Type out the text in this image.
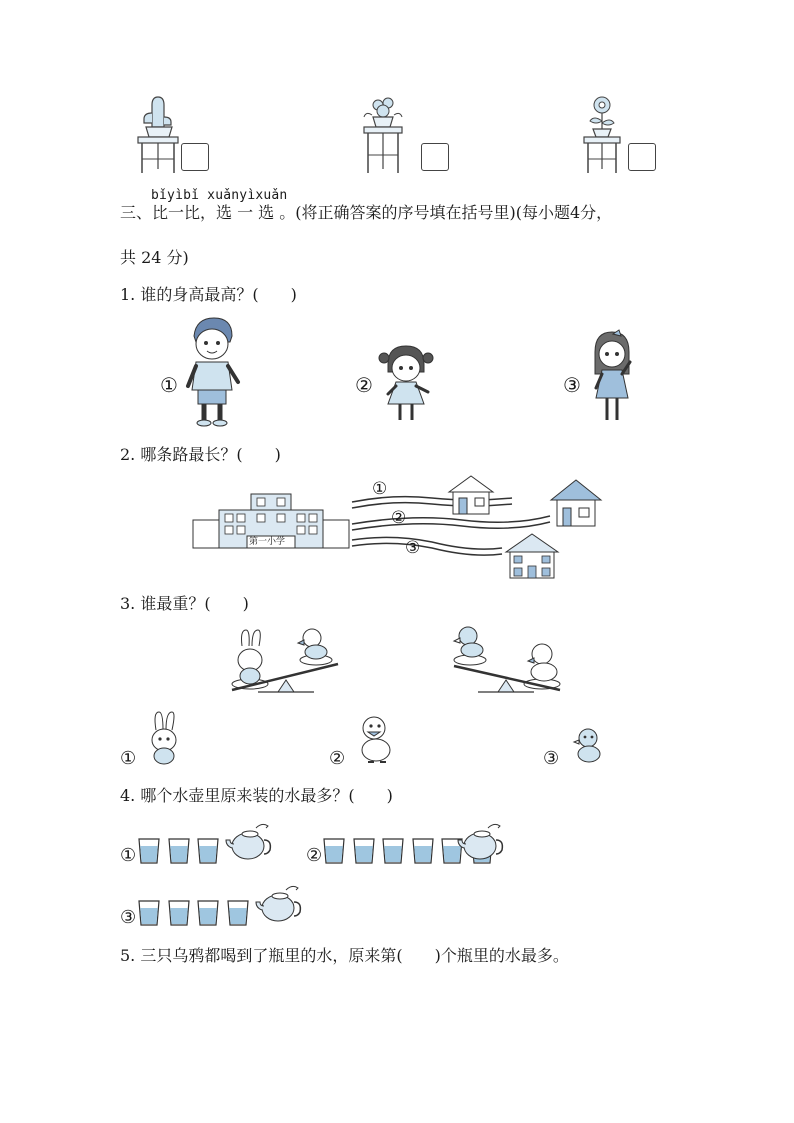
bǐyìbǐ xuǎnyìxuǎn
三、比一比，选 一 选 。(将正确答案的序号填在括号里)(每小题4分，
共 24 分)
1. 谁的身高最高？(　　)
①	②	③
2. 哪条路最长？(　　)
第一小学
①
②
③
3. 谁最重？(　　)
①	②	③
4. 哪个水壶里原来装的水最多？(　　)
①	②
③
5. 三只乌鸦都喝到了瓶里的水，原来第(　　)个瓶里的水最多。
